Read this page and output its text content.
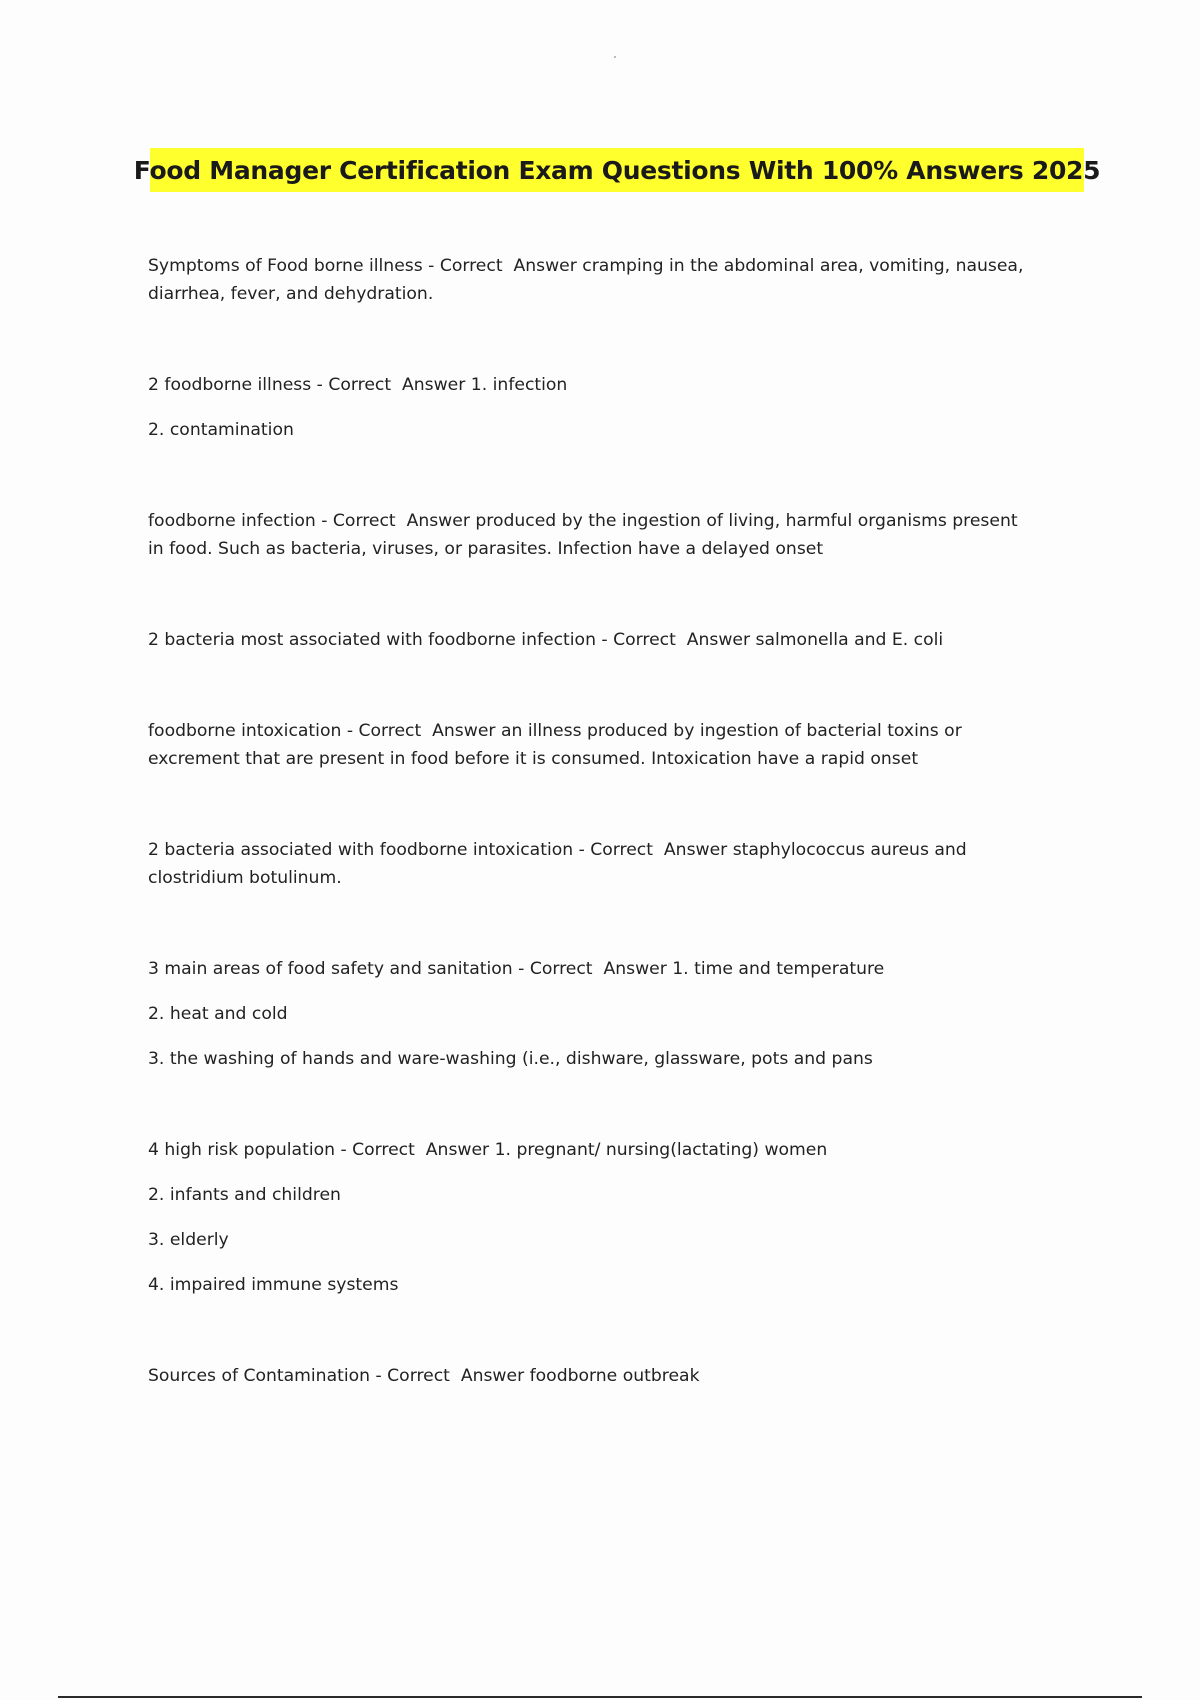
Food Manager Certification Exam Questions With 100% Answers 2025

Symptoms of Food borne illness - Correct  Answer cramping in the abdominal area, vomiting, nausea,

diarrhea, fever, and dehydration.

2 foodborne illness - Correct  Answer 1. infection

2. contamination

foodborne infection - Correct  Answer produced by the ingestion of living, harmful organisms present

in food. Such as bacteria, viruses, or parasites. Infection have a delayed onset

2 bacteria most associated with foodborne infection - Correct  Answer salmonella and E. coli

foodborne intoxication - Correct  Answer an illness produced by ingestion of bacterial toxins or

excrement that are present in food before it is consumed. Intoxication have a rapid onset

2 bacteria associated with foodborne intoxication - Correct  Answer staphylococcus aureus and

clostridium botulinum.

3 main areas of food safety and sanitation - Correct  Answer 1. time and temperature

2. heat and cold

3. the washing of hands and ware-washing (i.e., dishware, glassware, pots and pans

4 high risk population - Correct  Answer 1. pregnant/ nursing(lactating) women

2. infants and children

3. elderly

4. impaired immune systems

Sources of Contamination - Correct  Answer foodborne outbreak
